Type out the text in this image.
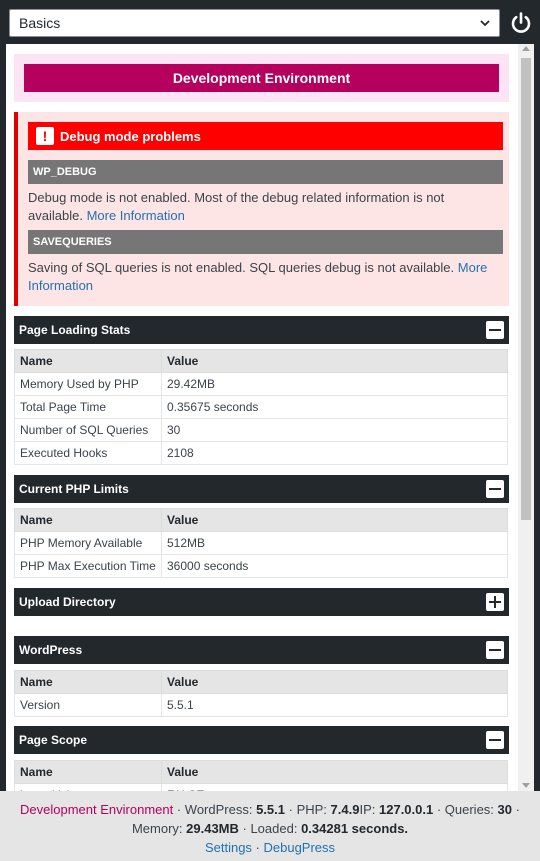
Basics
Development Environment
! Debug mode problems
WP_DEBUG
Debug mode is not enabled. Most of the debug related information is not available. More Information
SAVEQUERIES
Saving of SQL queries is not enabled. SQL queries debug is not available. More Information
Page Loading Stats
Name	Value
Memory Used by PHP	29.42MB
Total Page Time	0.35675 seconds
Number of SQL Queries	30
Executed Hooks	2108
Current PHP Limits
Name	Value
PHP Memory Available	512MB
PHP Max Execution Time	36000 seconds
Upload Directory
WordPress
Name	Value
Version	5.5.1
Page Scope
Name	Value

Development Environment · WordPress: 5.5.1 · PHP: 7.4.9IP: 127.0.0.1 · Queries: 30 ·
Memory: 29.43MB · Loaded: 0.34281 seconds.
Settings · DebugPress
